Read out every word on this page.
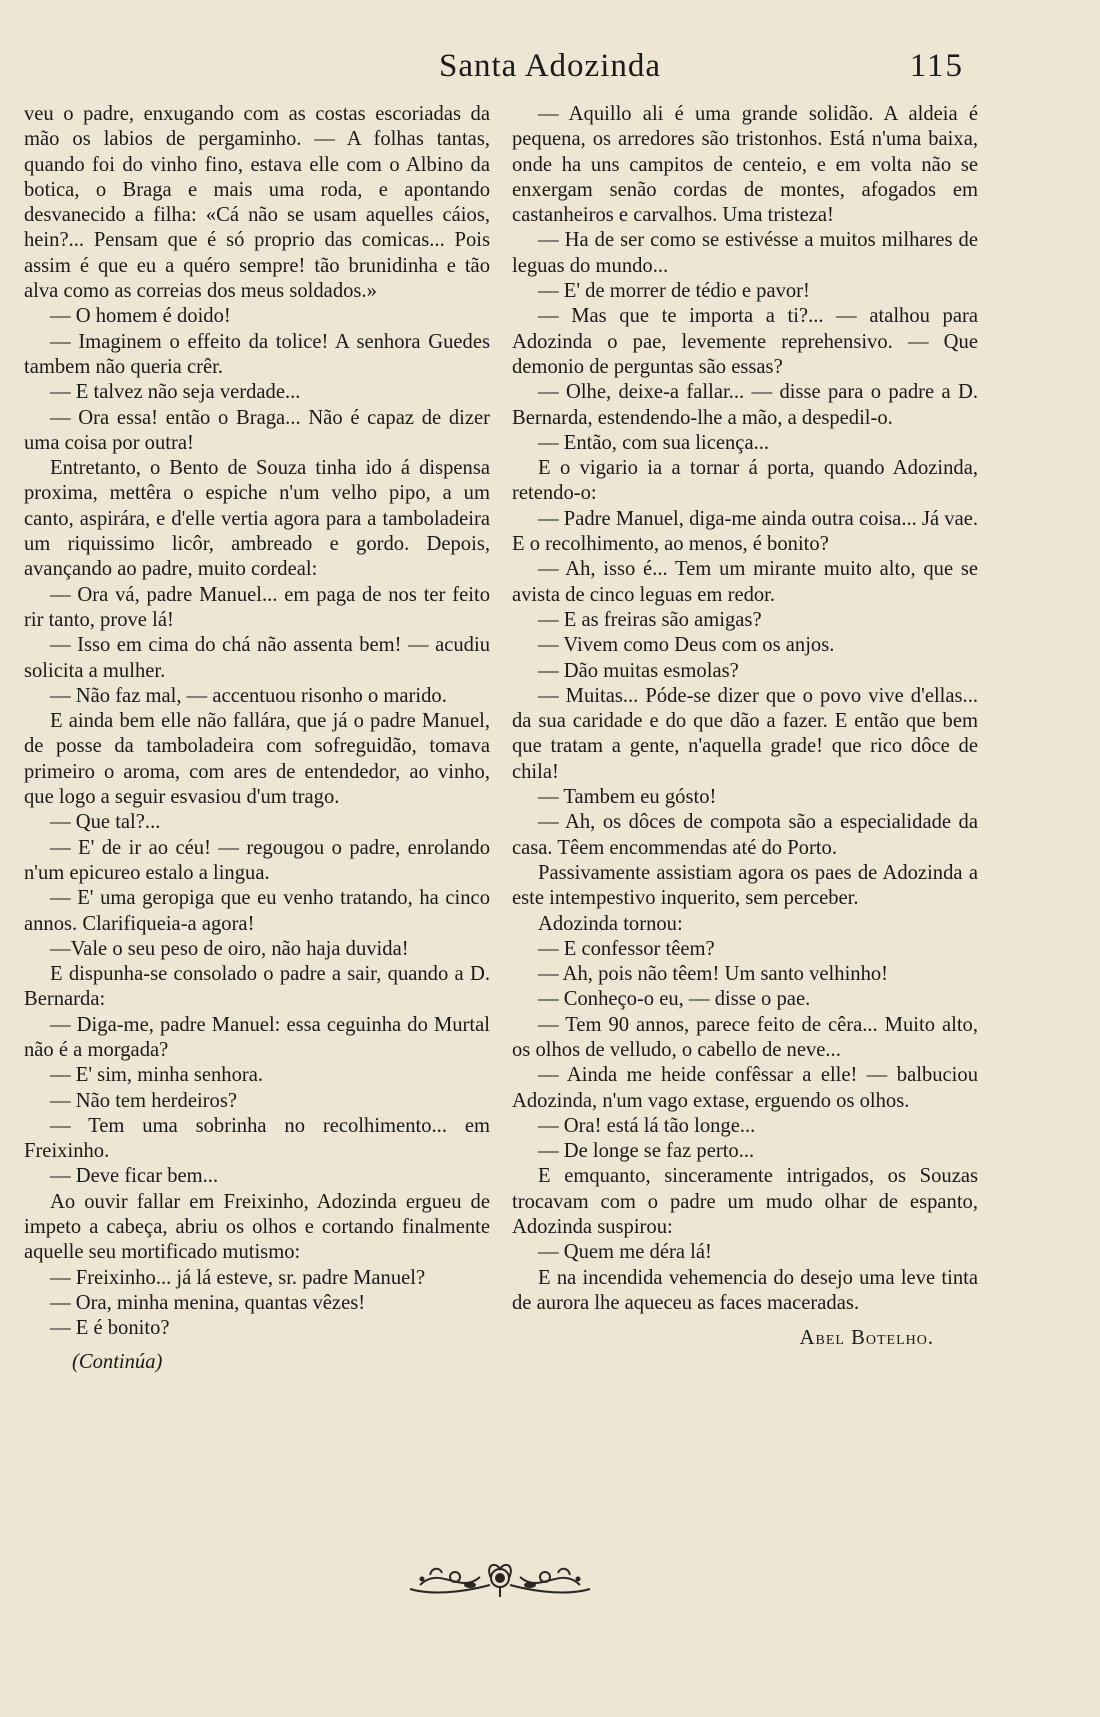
Santa Adozinda	115

veu o padre, enxugando com as costas escoriadas da mão os labios de pergaminho. — A folhas tantas, quando foi do vinho fino, estava elle com o Albino da botica, o Braga e mais uma roda, e apontando desvanecido a filha: «Cá não se usam aquelles cáios, hein?... Pensam que é só proprio das comicas... Pois assim é que eu a quéro sempre! tão brunidinha e tão alva como as correias dos meus soldados.»

— O homem é doido!

— Imaginem o effeito da tolice! A senhora Guedes tambem não queria crêr.

— E talvez não seja verdade...

— Ora essa! então o Braga... Não é capaz de dizer uma coisa por outra!

Entretanto, o Bento de Souza tinha ido á dispensa proxima, mettêra o espiche n'um velho pipo, a um canto, aspirára, e d'elle vertia agora para a tamboladeira um riquissimo licôr, ambreado e gordo. Depois, avançando ao padre, muito cordeal:

— Ora vá, padre Manuel... em paga de nos ter feito rir tanto, prove lá!

— Isso em cima do chá não assenta bem! — acudiu solicita a mulher.

— Não faz mal, — accentuou risonho o marido.

E ainda bem elle não fallára, que já o padre Manuel, de posse da tamboladeira com sofreguidão, tomava primeiro o aroma, com ares de entendedor, ao vinho, que logo a seguir esvasiou d'um trago.

— Que tal?...

— E' de ir ao céu! — regougou o padre, enrolando n'um epicureo estalo a lingua.

— E' uma geropiga que eu venho tratando, ha cinco annos. Clarifiqueia-a agora!

—Vale o seu peso de oiro, não haja duvida!

E dispunha-se consolado o padre a sair, quando a D. Bernarda:

— Diga-me, padre Manuel: essa ceguinha do Murtal não é a morgada?

— E' sim, minha senhora.

— Não tem herdeiros?

— Tem uma sobrinha no recolhimento... em Freixinho.

— Deve ficar bem...

Ao ouvir fallar em Freixinho, Adozinda ergueu de impeto a cabeça, abriu os olhos e cortando finalmente aquelle seu mortificado mutismo:

— Freixinho... já lá esteve, sr. padre Manuel?

— Ora, minha menina, quantas vêzes!

— E é bonito?

(Continúa)

— Aquillo ali é uma grande solidão. A aldeia é pequena, os arredores são tristonhos. Está n'uma baixa, onde ha uns campitos de centeio, e em volta não se enxergam senão cordas de montes, afogados em castanheiros e carvalhos. Uma tristeza!

— Ha de ser como se estivésse a muitos milhares de leguas do mundo...

— E' de morrer de tédio e pavor!

— Mas que te importa a ti?... — atalhou para Adozinda o pae, levemente reprehensivo. — Que demonio de perguntas são essas?

— Olhe, deixe-a fallar... — disse para o padre a D. Bernarda, estendendo-lhe a mão, a despedil-o.

— Então, com sua licença...

E o vigario ia a tornar á porta, quando Adozinda, retendo-o:

— Padre Manuel, diga-me ainda outra coisa... Já vae. E o recolhimento, ao menos, é bonito?

— Ah, isso é... Tem um mirante muito alto, que se avista de cinco leguas em redor.

— E as freiras são amigas?

— Vivem como Deus com os anjos.

— Dão muitas esmolas?

— Muitas... Póde-se dizer que o povo vive d'ellas... da sua caridade e do que dão a fazer. E então que bem que tratam a gente, n'aquella grade! que rico dôce de chila!

— Tambem eu gósto!

— Ah, os dôces de compota são a especialidade da casa. Têem encommendas até do Porto.

Passivamente assistiam agora os paes de Adozinda a este intempestivo inquerito, sem perceber.

Adozinda tornou:

— E confessor têem?

— Ah, pois não têem! Um santo velhinho!

— Conheço-o eu, — disse o pae.

— Tem 90 annos, parece feito de cêra... Muito alto, os olhos de velludo, o cabello de neve...

— Ainda me heide confêssar a elle! — balbuciou Adozinda, n'um vago extase, erguendo os olhos.

— Ora! está lá tão longe...

— De longe se faz perto...

E emquanto, sinceramente intrigados, os Souzas trocavam com o padre um mudo olhar de espanto, Adozinda suspirou:

— Quem me déra lá!

E na incendida vehemencia do desejo uma leve tinta de aurora lhe aqueceu as faces maceradas.

Abel Botelho.
